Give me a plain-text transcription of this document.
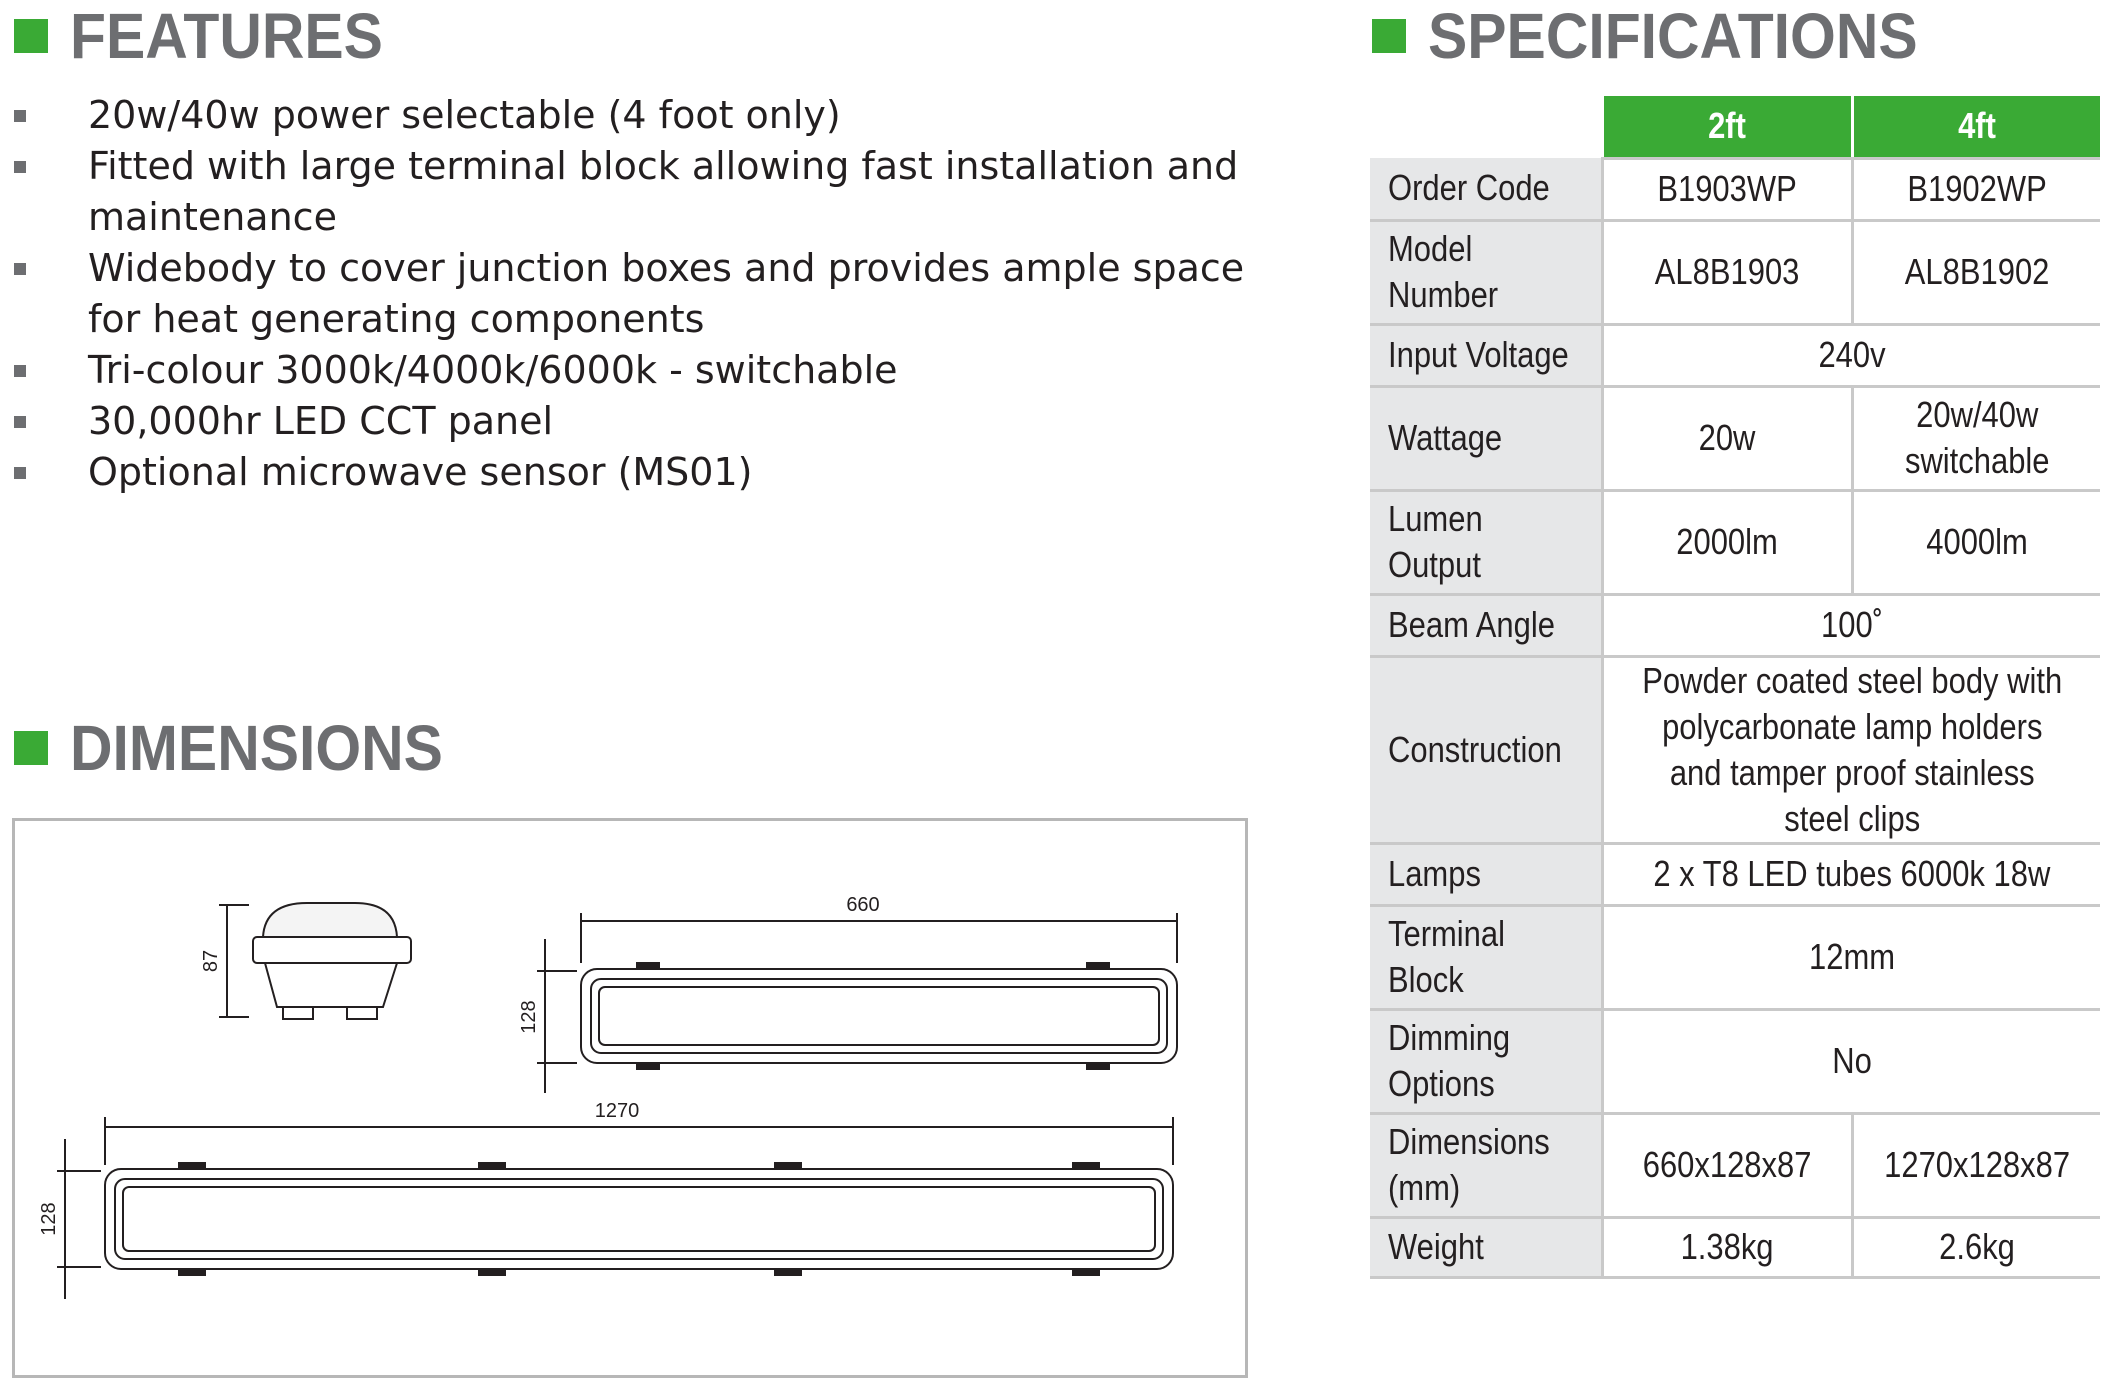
FEATURES
20w/40w power selectable (4 foot only)
Fitted with large terminal block allowing fast installation and maintenance
Widebody to cover junction boxes and provides ample space for heat generating components
Tri-colour 3000k/4000k/6000k - switchable
30,000hr LED CCT panel
Optional microwave sensor (MS01)
DIMENSIONS
660
1270
128
128
87
SPECIFICATIONS
	2ft	4ft
Order Code	B1903WP	B1902WP
Model Number	AL8B1903	AL8B1902
Input Voltage	240v	
Wattage	20w	20w/40w switchable
Lumen Output	2000lm	4000lm
Beam Angle	100˚	
Construction	Powder coated steel body with polycarbonate lamp holders and tamper proof stainless steel clips	
Lamps	2 x T8 LED tubes 6000k 18w	
Terminal Block	12mm	
Dimming Options	No	
Dimensions (mm)	660x128x87	1270x128x87
Weight	1.38kg	2.6kg
